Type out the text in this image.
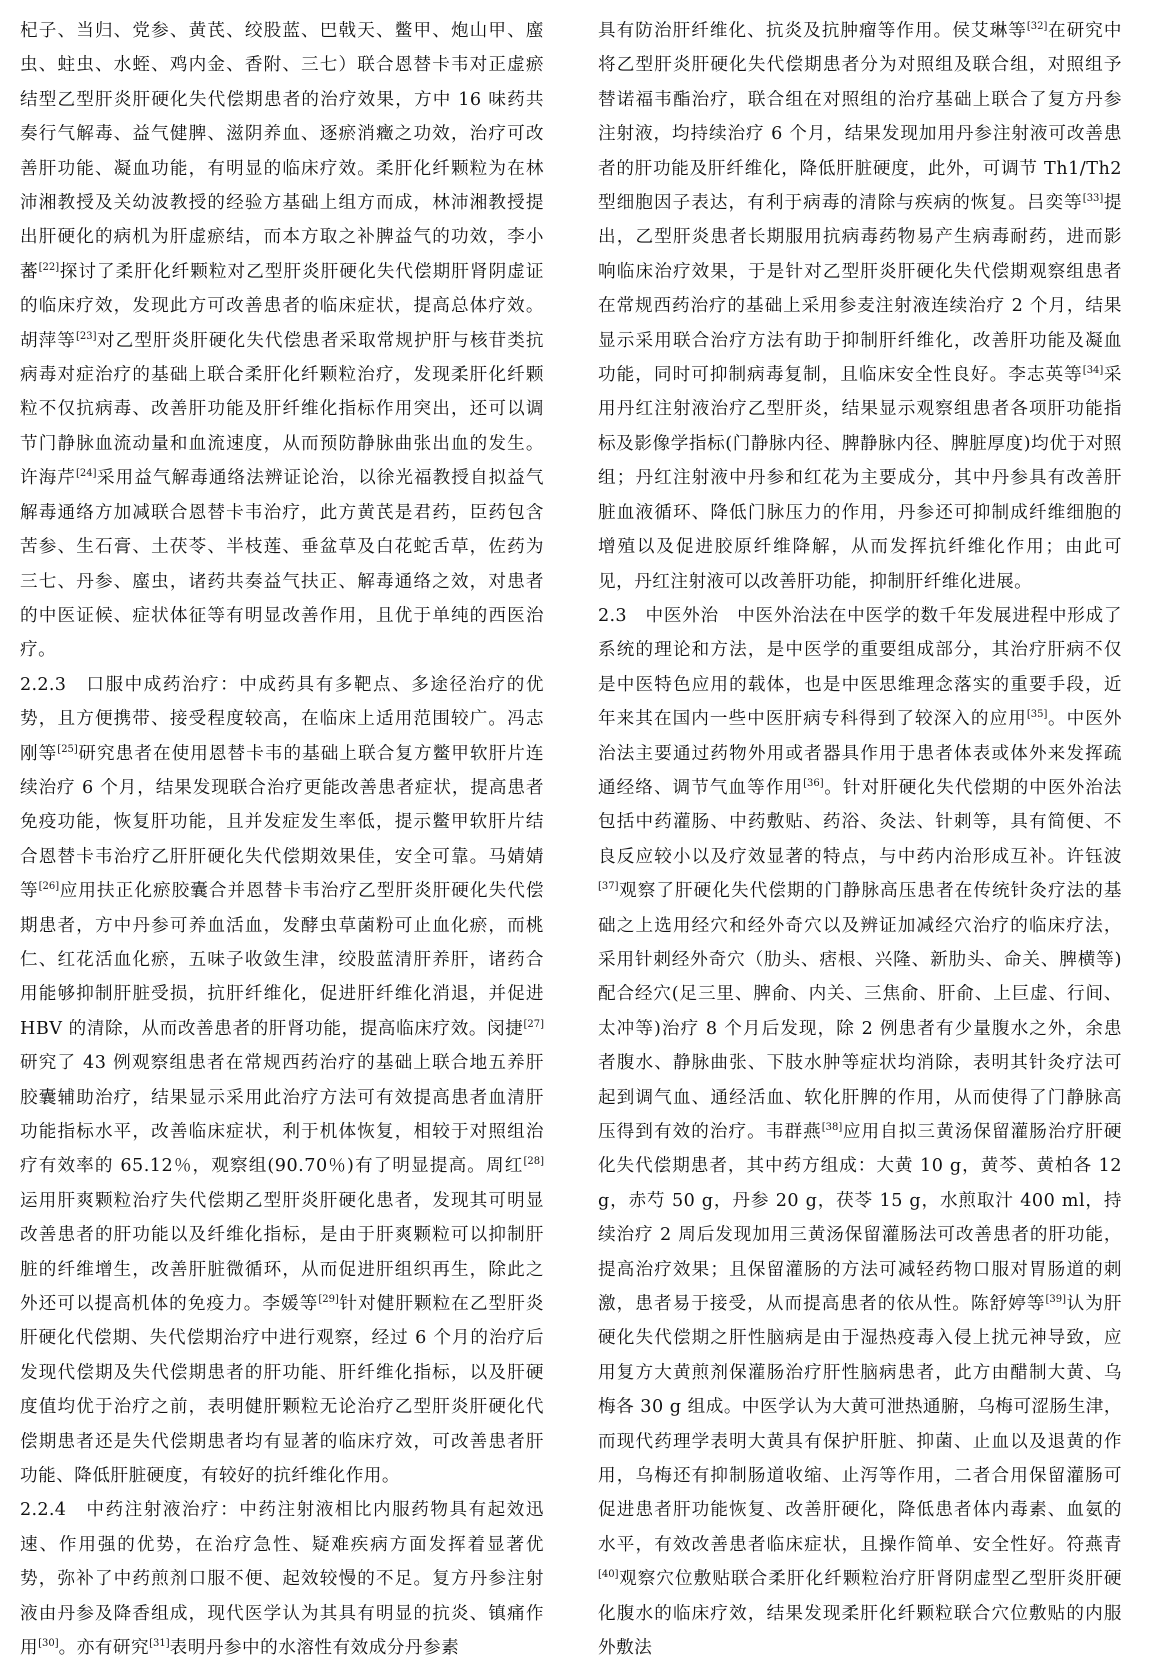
杞子、当归、党参、黄芪、绞股蓝、巴戟天、鳖甲、炮山甲、䗪虫、蛀虫、水蛭、鸡内金、香附、三七）联合恩替卡韦对正虚瘀结型乙型肝炎肝硬化失代偿期患者的治疗效果，方中 16 味药共奏行气解毒、益气健脾、滋阴养血、逐瘀消癥之功效，治疗可改善肝功能、凝血功能，有明显的临床疗效。柔肝化纤颗粒为在林沛湘教授及关幼波教授的经验方基础上组方而成，林沛湘教授提出肝硬化的病机为肝虚瘀结，而本方取之补脾益气的功效，李小蕃[22]探讨了柔肝化纤颗粒对乙型肝炎肝硬化失代偿期肝肾阴虚证的临床疗效，发现此方可改善患者的临床症状，提高总体疗效。胡萍等[23]对乙型肝炎肝硬化失代偿患者采取常规护肝与核苷类抗病毒对症治疗的基础上联合柔肝化纤颗粒治疗，发现柔肝化纤颗粒不仅抗病毒、改善肝功能及肝纤维化指标作用突出，还可以调节门静脉血流动量和血流速度，从而预防静脉曲张出血的发生。许海芹[24]采用益气解毒通络法辨证论治，以徐光福教授自拟益气解毒通络方加减联合恩替卡韦治疗，此方黄芪是君药，臣药包含苦参、生石膏、土茯苓、半枝莲、垂盆草及白花蛇舌草，佐药为三七、丹参、䗪虫，诸药共奏益气扶正、解毒通络之效，对患者的中医证候、症状体征等有明显改善作用，且优于单纯的西医治疗。

2.2.3　 口服中成药治疗：中成药具有多靶点、多途径治疗的优势，且方便携带、接受程度较高，在临床上适用范围较广。冯志刚等[25]研究患者在使用恩替卡韦的基础上联合复方鳖甲软肝片连续治疗 6 个月，结果发现联合治疗更能改善患者症状，提高患者免疫功能，恢复肝功能，且并发症发生率低，提示鳖甲软肝片结合恩替卡韦治疗乙肝肝硬化失代偿期效果佳，安全可靠。马婧婧等[26]应用扶正化瘀胶囊合并恩替卡韦治疗乙型肝炎肝硬化失代偿期患者，方中丹参可养血活血，发酵虫草菌粉可止血化瘀，而桃仁、红花活血化瘀，五味子收敛生津，绞股蓝清肝养肝，诸药合用能够抑制肝脏受损，抗肝纤维化，促进肝纤维化消退，并促进 HBV 的清除，从而改善患者的肝肾功能，提高临床疗效。闵捷[27]研究了 43 例观察组患者在常规西药治疗的基础上联合地五养肝胶囊辅助治疗，结果显示采用此治疗方法可有效提高患者血清肝功能指标水平，改善临床症状，利于机体恢复，相较于对照组治疗有效率的 65.12％，观察组(90.70％)有了明显提高。周红[28]运用肝爽颗粒治疗失代偿期乙型肝炎肝硬化患者，发现其可明显改善患者的肝功能以及纤维化指标，是由于肝爽颗粒可以抑制肝脏的纤维增生，改善肝脏微循环，从而促进肝组织再生，除此之外还可以提高机体的免疫力。李媛等[29]针对健肝颗粒在乙型肝炎肝硬化代偿期、失代偿期治疗中进行观察，经过 6 个月的治疗后发现代偿期及失代偿期患者的肝功能、肝纤维化指标，以及肝硬度值均优于治疗之前，表明健肝颗粒无论治疗乙型肝炎肝硬化代偿期患者还是失代偿期患者均有显著的临床疗效，可改善患者肝功能、降低肝脏硬度，有较好的抗纤维化作用。

2.2.4　 中药注射液治疗：中药注射液相比内服药物具有起效迅速、作用强的优势，在治疗急性、疑难疾病方面发挥着显著优势，弥补了中药煎剂口服不便、起效较慢的不足。复方丹参注射液由丹参及降香组成，现代医学认为其具有明显的抗炎、镇痛作用[30]。亦有研究[31]表明丹参中的水溶性有效成分丹参素

具有防治肝纤维化、抗炎及抗肿瘤等作用。侯艾琳等[32]在研究中将乙型肝炎肝硬化失代偿期患者分为对照组及联合组，对照组予替诺福韦酯治疗，联合组在对照组的治疗基础上联合了复方丹参注射液，均持续治疗 6 个月，结果发现加用丹参注射液可改善患者的肝功能及肝纤维化，降低肝脏硬度，此外，可调节 Th1/Th2 型细胞因子表达，有利于病毒的清除与疾病的恢复。吕奕等[33]提出，乙型肝炎患者长期服用抗病毒药物易产生病毒耐药，进而影响临床治疗效果，于是针对乙型肝炎肝硬化失代偿期观察组患者在常规西药治疗的基础上采用参麦注射液连续治疗 2 个月，结果显示采用联合治疗方法有助于抑制肝纤维化，改善肝功能及凝血功能，同时可抑制病毒复制，且临床安全性良好。李志英等[34]采用丹红注射液治疗乙型肝炎，结果显示观察组患者各项肝功能指标及影像学指标(门静脉内径、脾静脉内径、脾脏厚度)均优于对照组；丹红注射液中丹参和红花为主要成分，其中丹参具有改善肝脏血液循环、降低门脉压力的作用，丹参还可抑制成纤维细胞的增殖以及促进胶原纤维降解，从而发挥抗纤维化作用；由此可见，丹红注射液可以改善肝功能，抑制肝纤维化进展。

2.3　 中医外治　中医外治法在中医学的数千年发展进程中形成了系统的理论和方法，是中医学的重要组成部分，其治疗肝病不仅是中医特色应用的载体，也是中医思维理念落实的重要手段，近年来其在国内一些中医肝病专科得到了较深入的应用[35]。中医外治法主要通过药物外用或者器具作用于患者体表或体外来发挥疏通经络、调节气血等作用[36]。针对肝硬化失代偿期的中医外治法包括中药灌肠、中药敷贴、药浴、灸法、针刺等，具有简便、不良反应较小以及疗效显著的特点，与中药内治形成互补。许钰波[37]观察了肝硬化失代偿期的门静脉高压患者在传统针灸疗法的基础之上选用经穴和经外奇穴以及辨证加减经穴治疗的临床疗法，采用针刺经外奇穴（肋头、痞根、兴隆、新肋头、命关、脾横等)配合经穴(足三里、脾俞、内关、三焦俞、肝俞、上巨虚、行间、太冲等)治疗 8 个月后发现，除 2 例患者有少量腹水之外，余患者腹水、静脉曲张、下肢水肿等症状均消除，表明其针灸疗法可起到调气血、通经活血、软化肝脾的作用，从而使得了门静脉高压得到有效的治疗。韦群燕[38]应用自拟三黄汤保留灌肠治疗肝硬化失代偿期患者，其中药方组成：大黄 10 g，黄芩、黄柏各 12 g，赤芍 50 g，丹参 20 g，茯苓 15 g，水煎取汁 400 ml，持续治疗 2 周后发现加用三黄汤保留灌肠法可改善患者的肝功能，提高治疗效果；且保留灌肠的方法可减轻药物口服对胃肠道的刺激，患者易于接受，从而提高患者的依从性。陈舒婷等[39]认为肝硬化失代偿期之肝性脑病是由于湿热疫毒入侵上扰元神导致，应用复方大黄煎剂保灌肠治疗肝性脑病患者，此方由醋制大黄、乌梅各 30 g 组成。中医学认为大黄可泄热通腑，乌梅可涩肠生津，而现代药理学表明大黄具有保护肝脏、抑菌、止血以及退黄的作用，乌梅还有抑制肠道收缩、止泻等作用，二者合用保留灌肠可促进患者肝功能恢复、改善肝硬化，降低患者体内毒素、血氨的水平，有效改善患者临床症状，且操作简单、安全性好。符燕青[40]观察穴位敷贴联合柔肝化纤颗粒治疗肝肾阴虚型乙型肝炎肝硬化腹水的临床疗效，结果发现柔肝化纤颗粒联合穴位敷贴的内服外敷法
